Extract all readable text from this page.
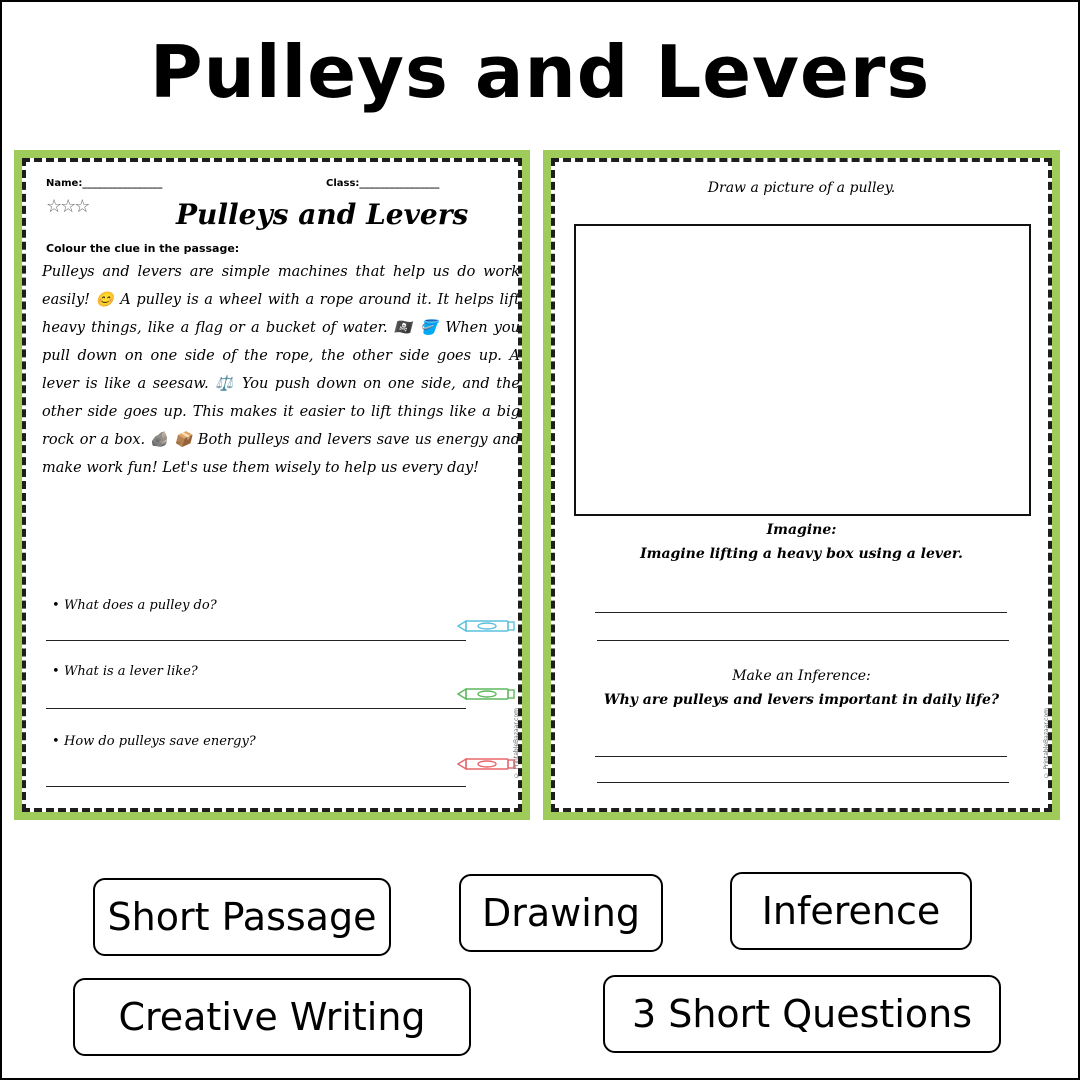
Pulleys and Levers
Name:________________	Class:________________
☆☆☆	Pulleys and Levers
Colour the clue in the passage:
Pulleys and levers are simple machines that help us do work easily! 😊 A pulley is a wheel with a rope around it. It helps lift heavy things, like a flag or a bucket of water. 🏴‍☠️ 🪣 When you pull down on one side of the rope, the other side goes up. A lever is like a seesaw. ⚖️ You push down on one side, and the other side goes up. This makes it easier to lift things like a big rock or a box. 🪨 📦 Both pulleys and levers save us energy and make work fun! Let's use them wisely to help us every day!
• What does a pulley do?
• What is a lever like?
• How do pulleys save energy?	© PrintableBazaar.com
Draw a picture of a pulley.
Imagine:
Imagine lifting a heavy box using a lever.
Make an Inference:
Why are pulleys and levers important in daily life?
© PrintableBazaar.com
Short Passage	Drawing	Inference
Creative Writing	3 Short Questions
